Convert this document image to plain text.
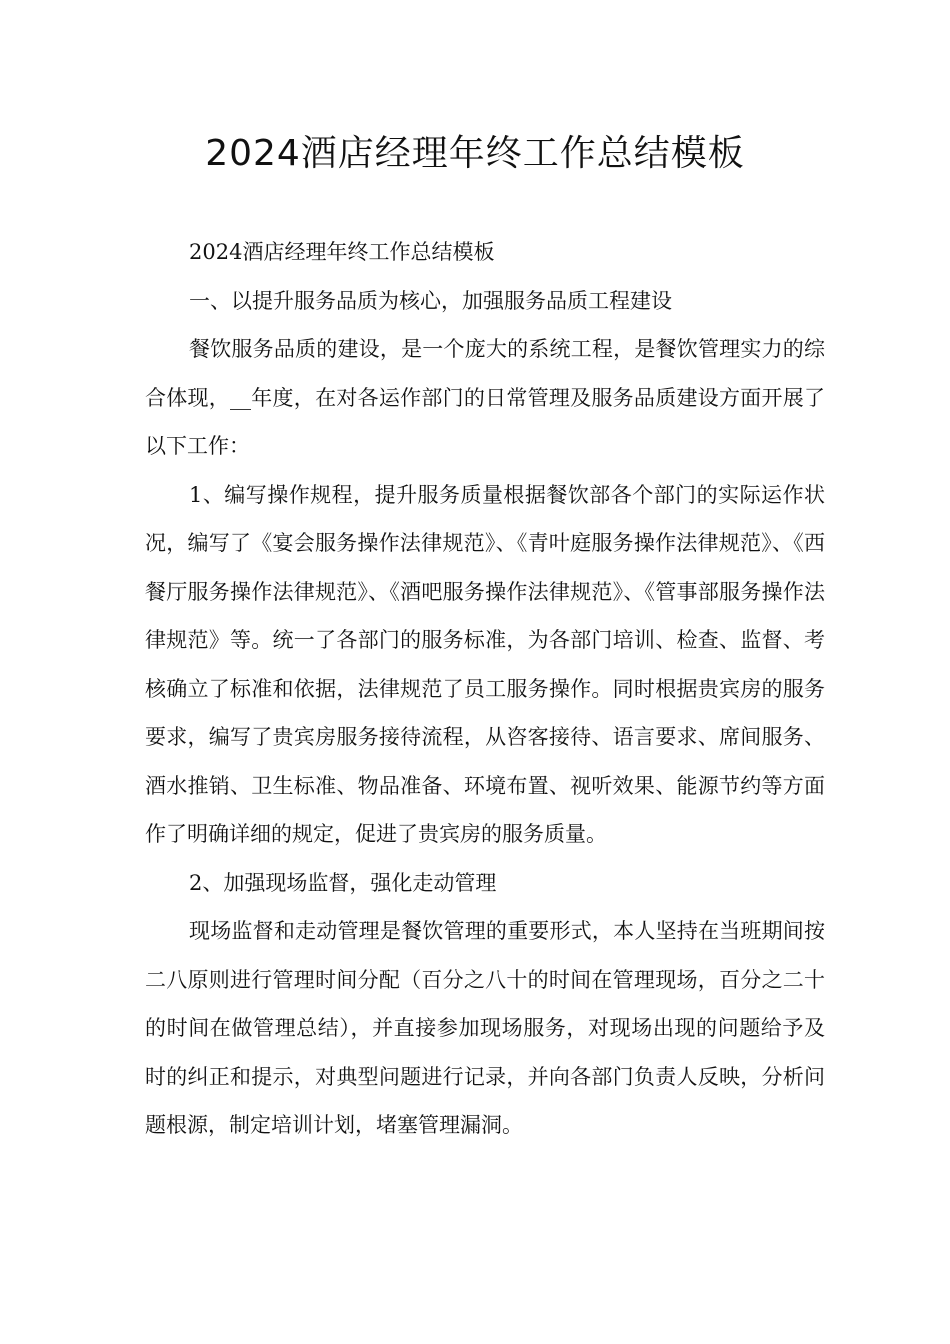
2024酒店经理年终工作总结模板

2024酒店经理年终工作总结模板

一、以提升服务品质为核心，加强服务品质工程建设

餐饮服务品质的建设，是一个庞大的系统工程，是餐饮管理实力的综合体现，__年度，在对各运作部门的日常管理及服务品质建设方面开展了以下工作：

1、编写操作规程，提升服务质量根据餐饮部各个部门的实际运作状况，编写了《宴会服务操作法律规范》、《青叶庭服务操作法律规范》、《西餐厅服务操作法律规范》、《酒吧服务操作法律规范》、《管事部服务操作法律规范》等。统一了各部门的服务标准，为各部门培训、检查、监督、考核确立了标准和依据，法律规范了员工服务操作。同时根据贵宾房的服务要求，编写了贵宾房服务接待流程，从咨客接待、语言要求、席间服务、酒水推销、卫生标准、物品准备、环境布置、视听效果、能源节约等方面作了明确详细的规定，促进了贵宾房的服务质量。

2、加强现场监督，强化走动管理

现场监督和走动管理是餐饮管理的重要形式，本人坚持在当班期间按二八原则进行管理时间分配（百分之八十的时间在管理现场，百分之二十的时间在做管理总结），并直接参加现场服务，对现场出现的问题给予及时的纠正和提示，对典型问题进行记录，并向各部门负责人反映，分析问题根源，制定培训计划，堵塞管理漏洞。
